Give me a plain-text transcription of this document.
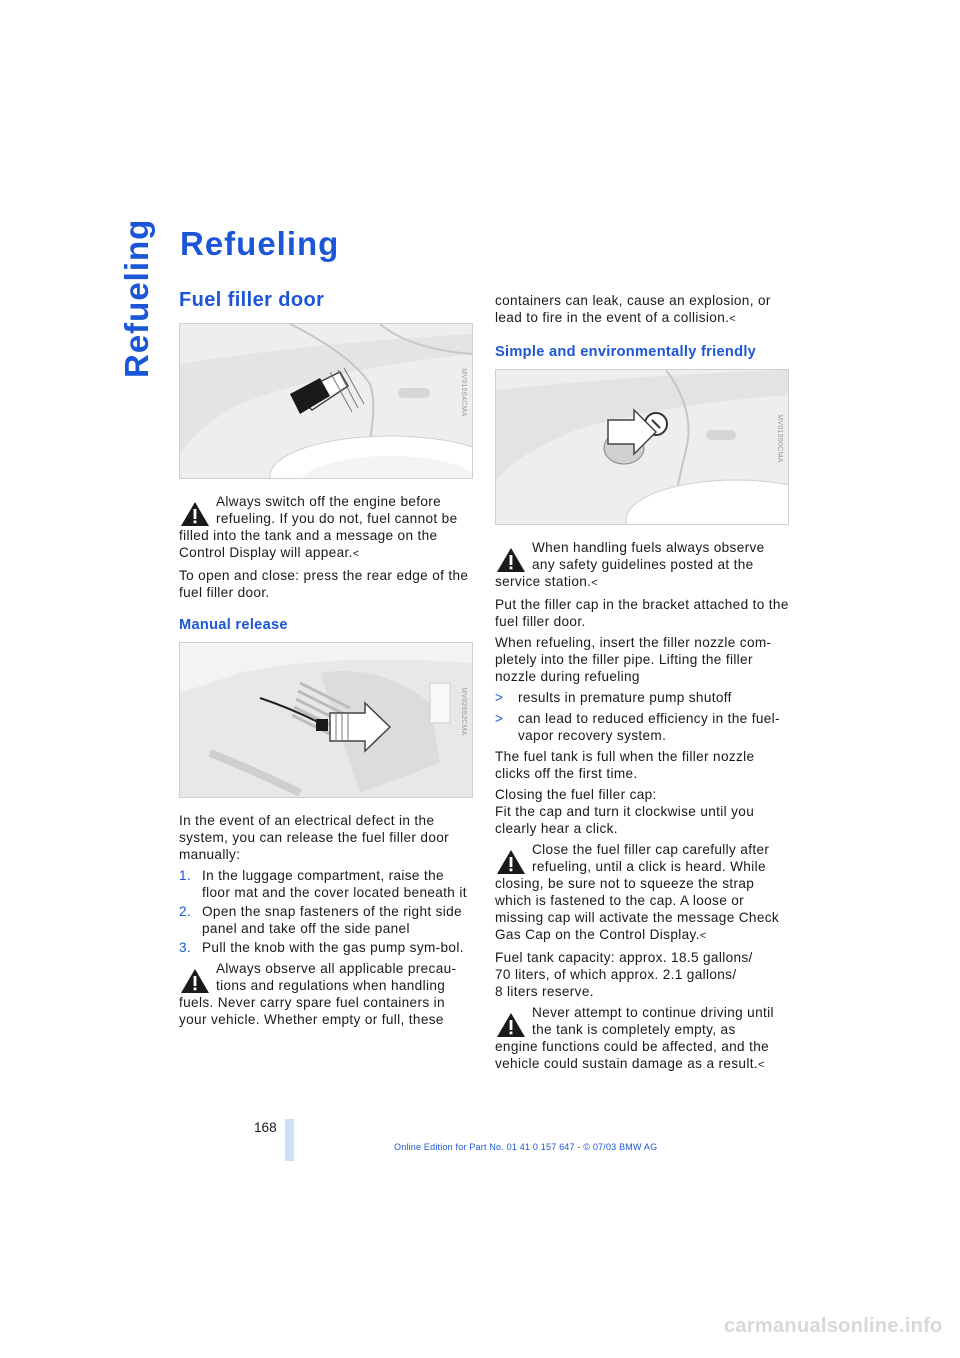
Refueling Refueling
Fuel filler door
MV01664CMA
Always switch off the engine before refueling. If you do not, fuel cannot be
filled into the tank and a message on the Control Display will appear.<

To open and close: press the rear edge of the fuel filler door.

Manual release
MV02652CMA

In the event of an electrical defect in the system, you can release the fuel filler door manually:

1. In the luggage compartment, raise the floor mat and the cover located beneath it
2. Open the snap fasteners of the right side panel and take off the side panel
3. Pull the knob with the gas pump sym-bol.
Always observe all applicable precau-tions and regulations when handling
fuels. Never carry spare fuel containers in your vehicle. Whether empty or full, these

containers can leak, cause an explosion, or lead to fire in the event of a collision.<

Simple and environmentally friendly
MV01590CMA
When handling fuels always observe any safety guidelines posted at the
service station.<

Put the filler cap in the bracket attached to the fuel filler door.

When refueling, insert the filler nozzle com-pletely into the filler pipe. Lifting the filler nozzle during refueling

> results in premature pump shutoff
> can lead to reduced efficiency in the fuel-vapor recovery system.

The fuel tank is full when the filler nozzle clicks off the first time.

Closing the fuel filler cap:
Fit the cap and turn it clockwise until you clearly hear a click.

Close the fuel filler cap carefully after refueling, until a click is heard. While
closing, be sure not to squeeze the strap which is fastened to the cap. A loose or missing cap will activate the message Check Gas Cap on the Control Display.<

Fuel tank capacity: approx. 18.5 gallons/
70 liters, of which approx. 2.1 gallons/
8 liters reserve.

Never attempt to continue driving until the tank is completely empty, as
engine functions could be affected, and the vehicle could sustain damage as a result.<
168
Online Edition for Part No. 01 41 0 157 647 - © 07/03 BMW AG
carmanualsonline.info
